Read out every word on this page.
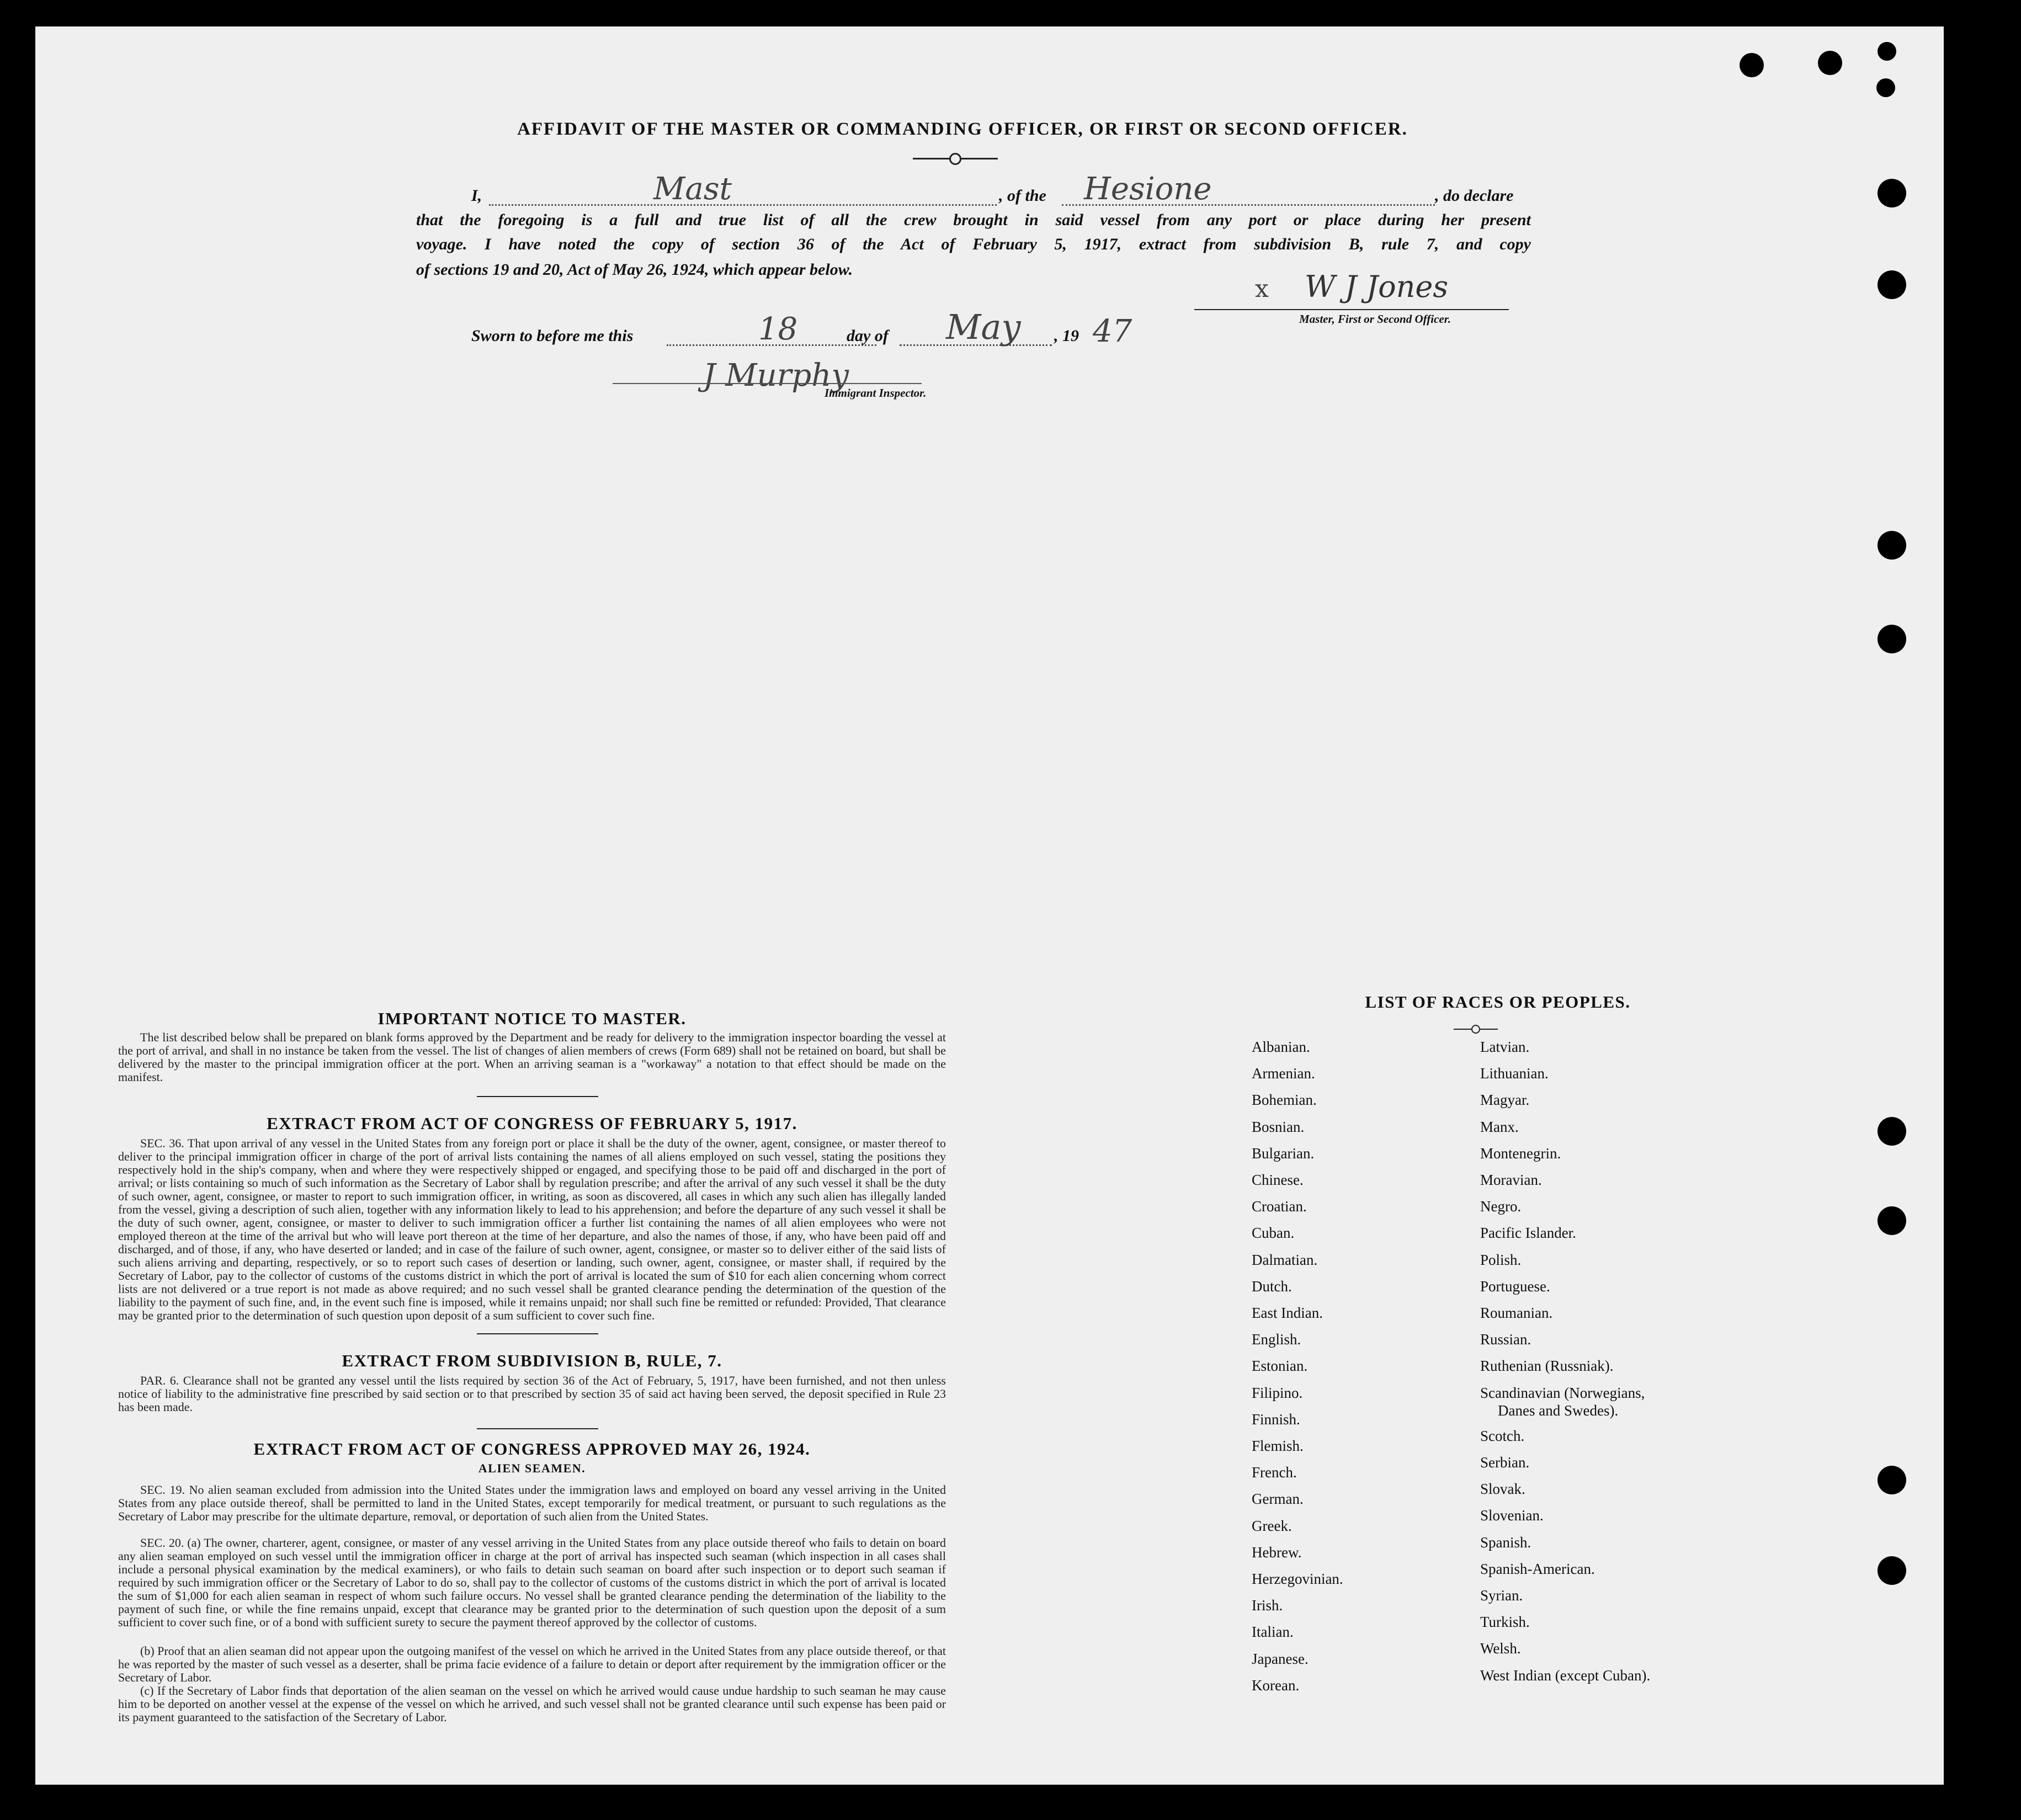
AFFIDAVIT OF THE MASTER OR COMMANDING OFFICER, OR FIRST OR SECOND OFFICER.
I,	Mast	, of the Hesione	, do declare
that the foregoing is a full and true list of all the crew brought in said vessel from any port or place during her present
voyage. I have noted the copy of section 36 of the Act of February 5, 1917, extract from subdivision B, rule 7, and copy
of sections 19 and 20, Act of May 26, 1924, which appear below.
x W J Jones
Master, First or Second Officer.
Sworn to before me this	18	day of May , 19 47
J Murphy
Immigrant Inspector.
IMPORTANT NOTICE TO MASTER.
The list described below shall be prepared on blank forms approved by the Department and be ready for delivery to the immigration inspector boarding the vessel at the port of arrival, and shall in no instance be taken from the vessel. The list of changes of alien members of crews (Form 689) shall not be retained on board, but shall be delivered by the master to the principal immigration officer at the port. When an arriving seaman is a "workaway" a notation to that effect should be made on the manifest.
EXTRACT FROM ACT OF CONGRESS OF FEBRUARY 5, 1917.
SEC. 36. That upon arrival of any vessel in the United States from any foreign port or place it shall be the duty of the owner, agent, consignee, or master thereof to deliver to the principal immigration officer in charge of the port of arrival lists containing the names of all aliens employed on such vessel, stating the positions they respectively hold in the ship's company, when and where they were respectively shipped or engaged, and specifying those to be paid off and discharged in the port of arrival; or lists containing so much of such information as the Secretary of Labor shall by regulation prescribe; and after the arrival of any such vessel it shall be the duty of such owner, agent, consignee, or master to report to such immigration officer, in writing, as soon as discovered, all cases in which any such alien has illegally landed from the vessel, giving a description of such alien, together with any information likely to lead to his apprehension; and before the departure of any such vessel it shall be the duty of such owner, agent, consignee, or master to deliver to such immigration officer a further list containing the names of all alien employees who were not employed thereon at the time of the arrival but who will leave port thereon at the time of her departure, and also the names of those, if any, who have been paid off and discharged, and of those, if any, who have deserted or landed; and in case of the failure of such owner, agent, consignee, or master so to deliver either of the said lists of such aliens arriving and departing, respectively, or so to report such cases of desertion or landing, such owner, agent, consignee, or master shall, if required by the Secretary of Labor, pay to the collector of customs of the customs district in which the port of arrival is located the sum of $10 for each alien concerning whom correct lists are not delivered or a true report is not made as above required; and no such vessel shall be granted clearance pending the determination of the question of the liability to the payment of such fine, and, in the event such fine is imposed, while it remains unpaid; nor shall such fine be remitted or refunded: Provided, That clearance may be granted prior to the determination of such question upon deposit of a sum sufficient to cover such fine.
EXTRACT FROM SUBDIVISION B, RULE, 7.
PAR. 6. Clearance shall not be granted any vessel until the lists required by section 36 of the Act of February, 5, 1917, have been furnished, and not then unless notice of liability to the administrative fine prescribed by said section or to that prescribed by section 35 of said act having been served, the deposit specified in Rule 23 has been made.
EXTRACT FROM ACT OF CONGRESS APPROVED MAY 26, 1924.
ALIEN SEAMEN.
SEC. 19. No alien seaman excluded from admission into the United States under the immigration laws and employed on board any vessel arriving in the United States from any place outside thereof, shall be permitted to land in the United States, except temporarily for medical treatment, or pursuant to such regulations as the Secretary of Labor may prescribe for the ultimate departure, removal, or deportation of such alien from the United States.
SEC. 20. (a) The owner, charterer, agent, consignee, or master of any vessel arriving in the United States from any place outside thereof who fails to detain on board any alien seaman employed on such vessel until the immigration officer in charge at the port of arrival has inspected such seaman (which inspection in all cases shall include a personal physical examination by the medical examiners), or who fails to detain such seaman on board after such inspection or to deport such seaman if required by such immigration officer or the Secretary of Labor to do so, shall pay to the collector of customs of the customs district in which the port of arrival is located the sum of $1,000 for each alien seaman in respect of whom such failure occurs. No vessel shall be granted clearance pending the determination of the liability to the payment of such fine, or while the fine remains unpaid, except that clearance may be granted prior to the determination of such question upon the deposit of a sum sufficient to cover such fine, or of a bond with sufficient surety to secure the payment thereof approved by the collector of customs.
(b) Proof that an alien seaman did not appear upon the outgoing manifest of the vessel on which he arrived in the United States from any place outside thereof, or that he was reported by the master of such vessel as a deserter, shall be prima facie evidence of a failure to detain or deport after requirement by the immigration officer or the Secretary of Labor.
(c) If the Secretary of Labor finds that deportation of the alien seaman on the vessel on which he arrived would cause undue hardship to such seaman he may cause him to be deported on another vessel at the expense of the vessel on which he arrived, and such vessel shall not be granted clearance until such expense has been paid or its payment guaranteed to the satisfaction of the Secretary of Labor.
LIST OF RACES OR PEOPLES.
Albanian.
Armenian.
Bohemian.
Bosnian.
Bulgarian.
Chinese.
Croatian.
Cuban.
Dalmatian.
Dutch.
East Indian.
English.
Estonian.
Filipino.
Finnish.
Flemish.
French.
German.
Greek.
Hebrew.
Herzegovinian.
Irish.
Italian.
Japanese.
Korean.
Latvian.
Lithuanian.
Magyar.
Manx.
Montenegrin.
Moravian.
Negro.
Pacific Islander.
Polish.
Portuguese.
Roumanian.
Russian.
Ruthenian (Russniak).
Scandinavian (Norwegians,
Danes and Swedes).
Scotch.
Serbian.
Slovak.
Slovenian.
Spanish.
Spanish-American.
Syrian.
Turkish.
Welsh.
West Indian (except Cuban).
